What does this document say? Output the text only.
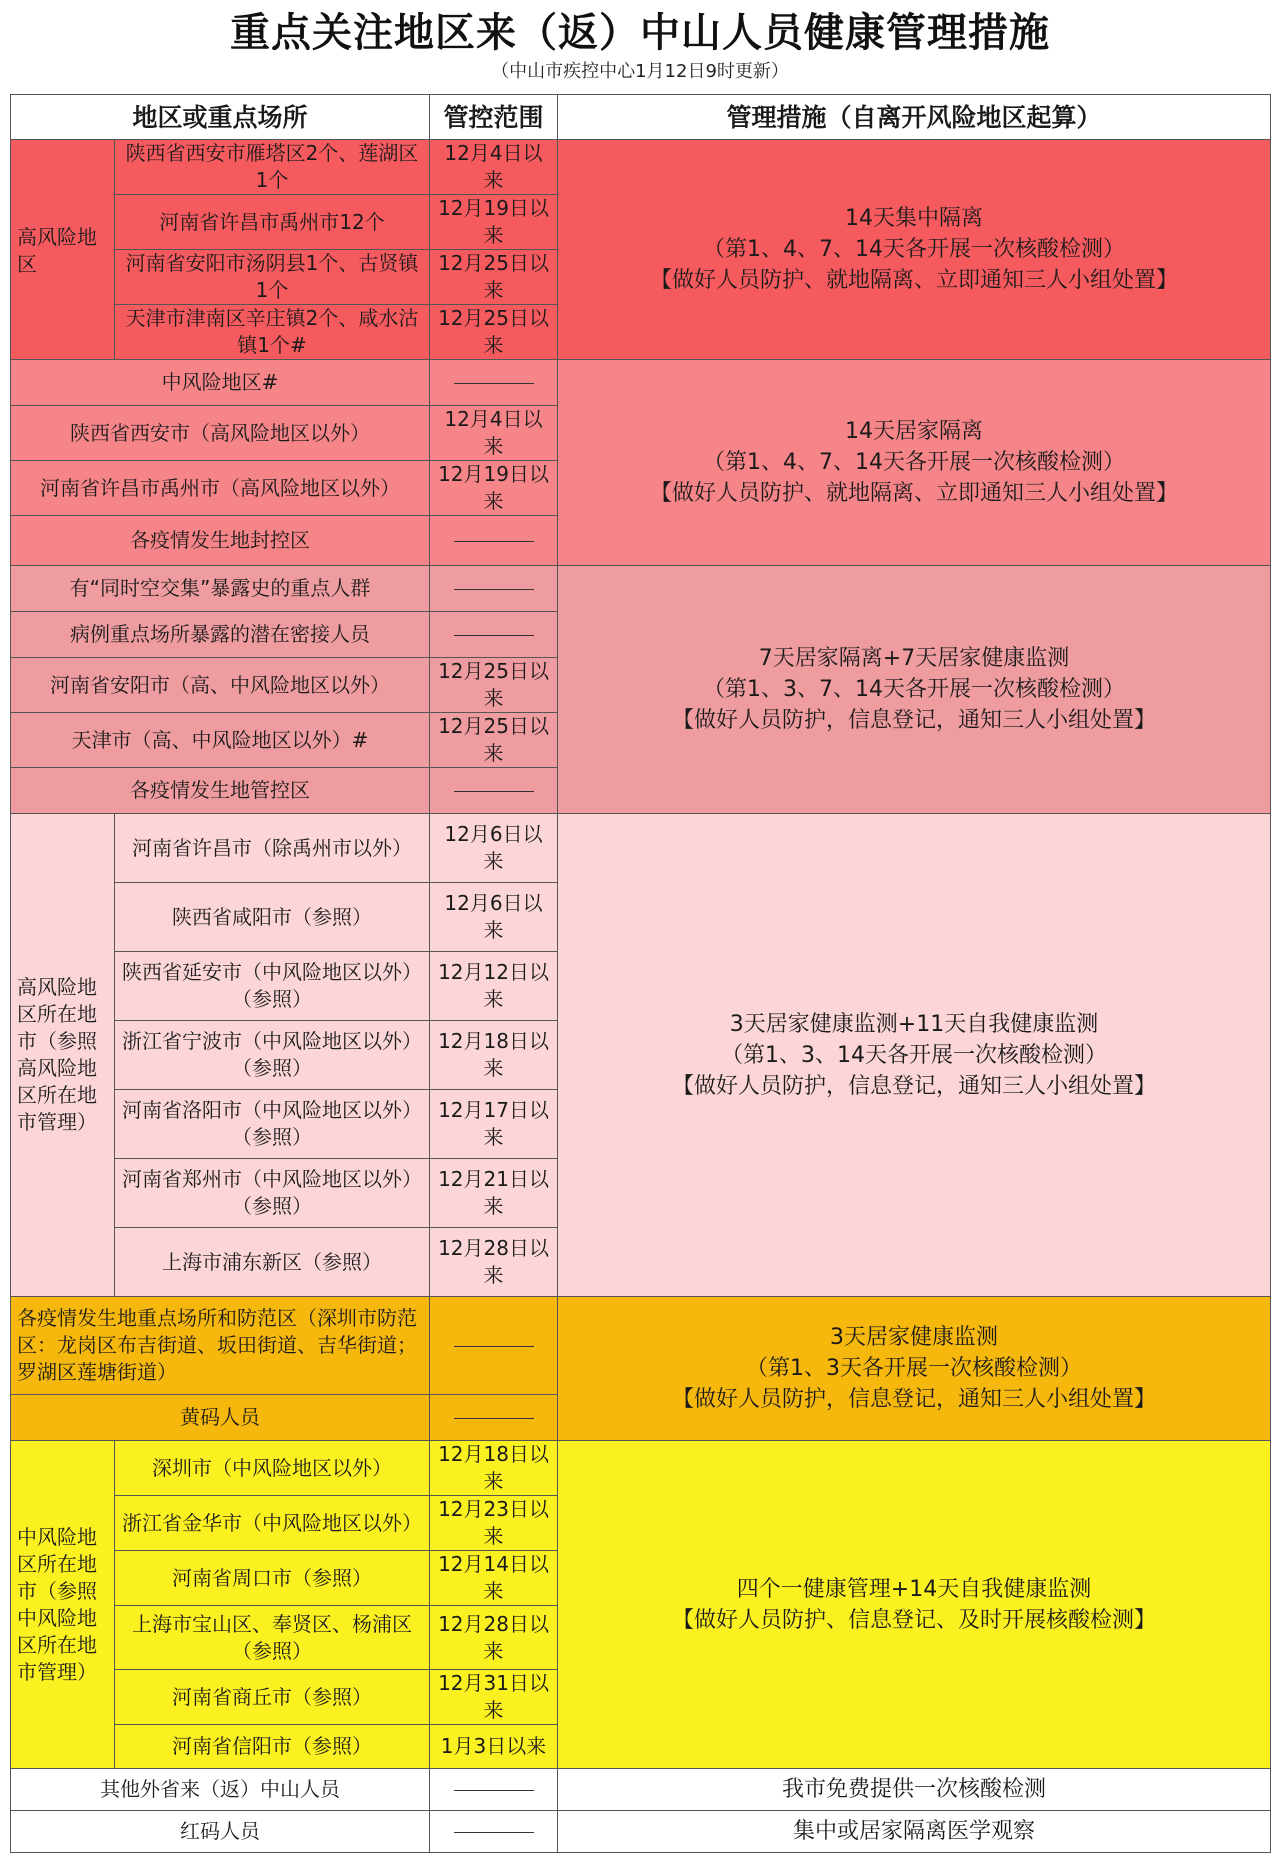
重点关注地区来（返）中山人员健康管理措施
（中山市疾控中心1月12日9时更新）
地区或重点场所		管控范围	管理措施（自离开风险地区起算）
高风险地区	陕西省西安市雁塔区2个、莲湖区1个	12月4日以来	14天集中隔离
（第1、4、7、14天各开展一次核酸检测）
【做好人员防护、就地隔离、立即通知三人小组处置】

	河南省许昌市禹州市12个	12月19日以来	
	河南省安阳市汤阴县1个、古贤镇1个	12月25日以来	
	天津市津南区辛庄镇2个、咸水沽镇1个#	12月25日以来	
中风险地区#			14天居家隔离
（第1、4、7、14天各开展一次核酸检测）
【做好人员防护、就地隔离、立即通知三人小组处置】

陕西省西安市（高风险地区以外）		12月4日以来	
河南省许昌市禹州市（高风险地区以外）		12月19日以来	
各疫情发生地封控区			
有“同时空交集”暴露史的重点人群			7天居家隔离+7天居家健康监测
（第1、3、7、14天各开展一次核酸检测）
【做好人员防护，信息登记，通知三人小组处置】

病例重点场所暴露的潜在密接人员			
河南省安阳市（高、中风险地区以外）		12月25日以来	
天津市（高、中风险地区以外）#		12月25日以来	
各疫情发生地管控区			
高风险地区所在地市（参照高风险地区所在地市管理）	河南省许昌市（除禹州市以外）	12月6日以来	3天居家健康监测+11天自我健康监测
（第1、3、14天各开展一次核酸检测）
【做好人员防护，信息登记，通知三人小组处置】

	陕西省咸阳市（参照）	12月6日以来	
	陕西省延安市（中风险地区以外）（参照）	12月12日以来	
	浙江省宁波市（中风险地区以外）（参照）	12月18日以来	
	河南省洛阳市（中风险地区以外）（参照）	12月17日以来	
	河南省郑州市（中风险地区以外）（参照）	12月21日以来	
	上海市浦东新区（参照）	12月28日以来	
各疫情发生地重点场所和防范区（深圳市防范区：龙岗区布吉街道、坂田街道、吉华街道；罗湖区莲塘街道）			3天居家健康监测
（第1、3天各开展一次核酸检测）
【做好人员防护，信息登记，通知三人小组处置】

黄码人员			
中风险地区所在地市（参照中风险地区所在地市管理）	深圳市（中风险地区以外）	12月18日以来	四个一健康管理+14天自我健康监测
【做好人员防护、信息登记、及时开展核酸检测】

	浙江省金华市（中风险地区以外）	12月23日以来	
	河南省周口市（参照）	12月14日以来	
	上海市宝山区、奉贤区、杨浦区（参照）	12月28日以来	
	河南省商丘市（参照）	12月31日以来	
	河南省信阳市（参照）	1月3日以来	
其他外省来（返）中山人员			我市免费提供一次核酸检测
红码人员			集中或居家隔离医学观察
